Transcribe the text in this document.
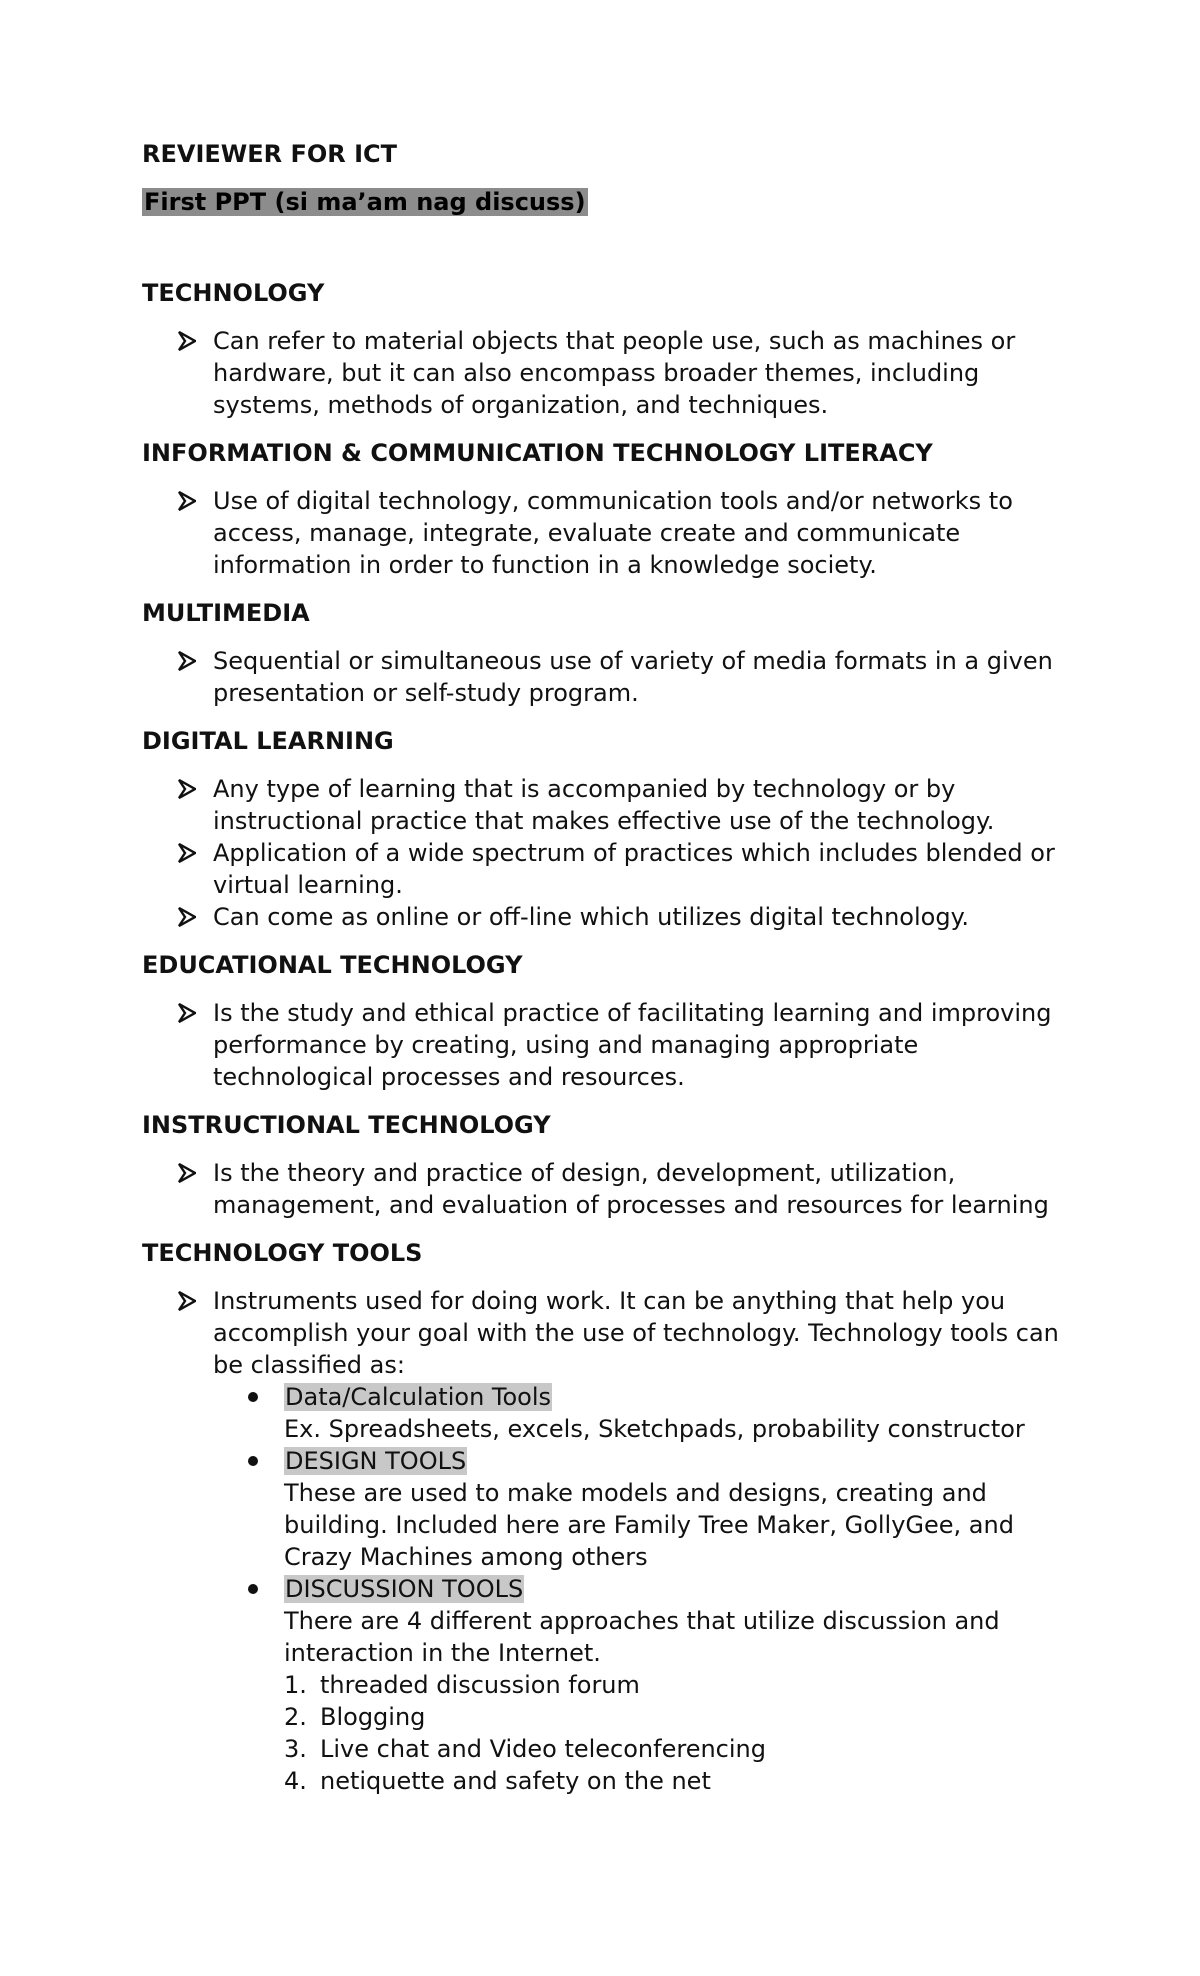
REVIEWER FOR ICT
First PPT (si ma’am nag discuss)
TECHNOLOGY
Can refer to material objects that people use, such as machines or hardware, but it can also encompass broader themes, including systems, methods of organization, and techniques.
INFORMATION & COMMUNICATION TECHNOLOGY LITERACY
Use of digital technology, communication tools and/or networks to access, manage, integrate, evaluate create and communicate information in order to function in a knowledge society.
MULTIMEDIA
Sequential or simultaneous use of variety of media formats in a given presentation or self-study program.
DIGITAL LEARNING
Any type of learning that is accompanied by technology or by instructional practice that makes effective use of the technology.
Application of a wide spectrum of practices which includes blended or virtual learning.
Can come as online or off-line which utilizes digital technology.
EDUCATIONAL TECHNOLOGY
Is the study and ethical practice of facilitating learning and improving performance by creating, using and managing appropriate technological processes and resources.
INSTRUCTIONAL TECHNOLOGY
Is the theory and practice of design, development, utilization, management, and evaluation of processes and resources for learning
TECHNOLOGY TOOLS
Instruments used for doing work. It can be anything that help you accomplish your goal with the use of technology. Technology tools can be classified as:
Data/Calculation Tools
Ex. Spreadsheets, excels, Sketchpads, probability constructor
DESIGN TOOLS
These are used to make models and designs, creating and building. Included here are Family Tree Maker, GollyGee, and Crazy Machines among others
DISCUSSION TOOLS
There are 4 different approaches that utilize discussion and interaction in the Internet.
1. threaded discussion forum
2. Blogging
3. Live chat and Video teleconferencing
4. netiquette and safety on the net
